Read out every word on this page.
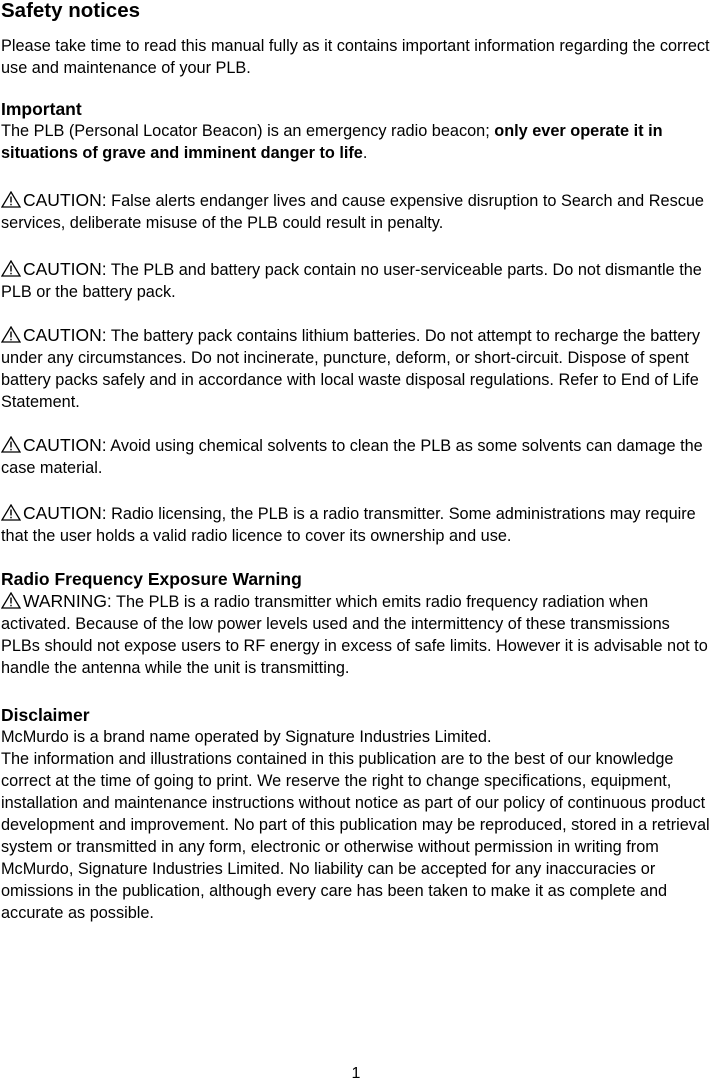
Safety notices

Please take time to read this manual fully as it contains important information regarding the correct use and maintenance of your PLB.

Important

The PLB (Personal Locator Beacon) is an emergency radio beacon; only ever operate it in situations of grave and imminent danger to life.

CAUTION: False alerts endanger lives and cause expensive disruption to Search and Rescue services, deliberate misuse of the PLB could result in penalty.

CAUTION: The PLB and battery pack contain no user-serviceable parts. Do not dismantle the PLB or the battery pack.

CAUTION: The battery pack contains lithium batteries. Do not attempt to recharge the battery under any circumstances. Do not incinerate, puncture, deform, or short-circuit. Dispose of spent battery packs safely and in accordance with local waste disposal regulations. Refer to End of Life Statement.

CAUTION: Avoid using chemical solvents to clean the PLB as some solvents can damage the case material.

CAUTION: Radio licensing, the PLB is a radio transmitter. Some administrations may require that the user holds a valid radio licence to cover its ownership and use.

Radio Frequency Exposure Warning

WARNING: The PLB is a radio transmitter which emits radio frequency radiation when activated. Because of the low power levels used and the intermittency of these transmissions PLBs should not expose users to RF energy in excess of safe limits. However it is advisable not to handle the antenna while the unit is transmitting.

Disclaimer

McMurdo is a brand name operated by Signature Industries Limited.

The information and illustrations contained in this publication are to the best of our knowledge correct at the time of going to print. We reserve the right to change specifications, equipment, installation and maintenance instructions without notice as part of our policy of continuous product development and improvement. No part of this publication may be reproduced, stored in a retrieval system or transmitted in any form, electronic or otherwise without permission in writing from McMurdo, Signature Industries Limited. No liability can be accepted for any inaccuracies or omissions in the publication, although every care has been taken to make it as complete and accurate as possible.

1
